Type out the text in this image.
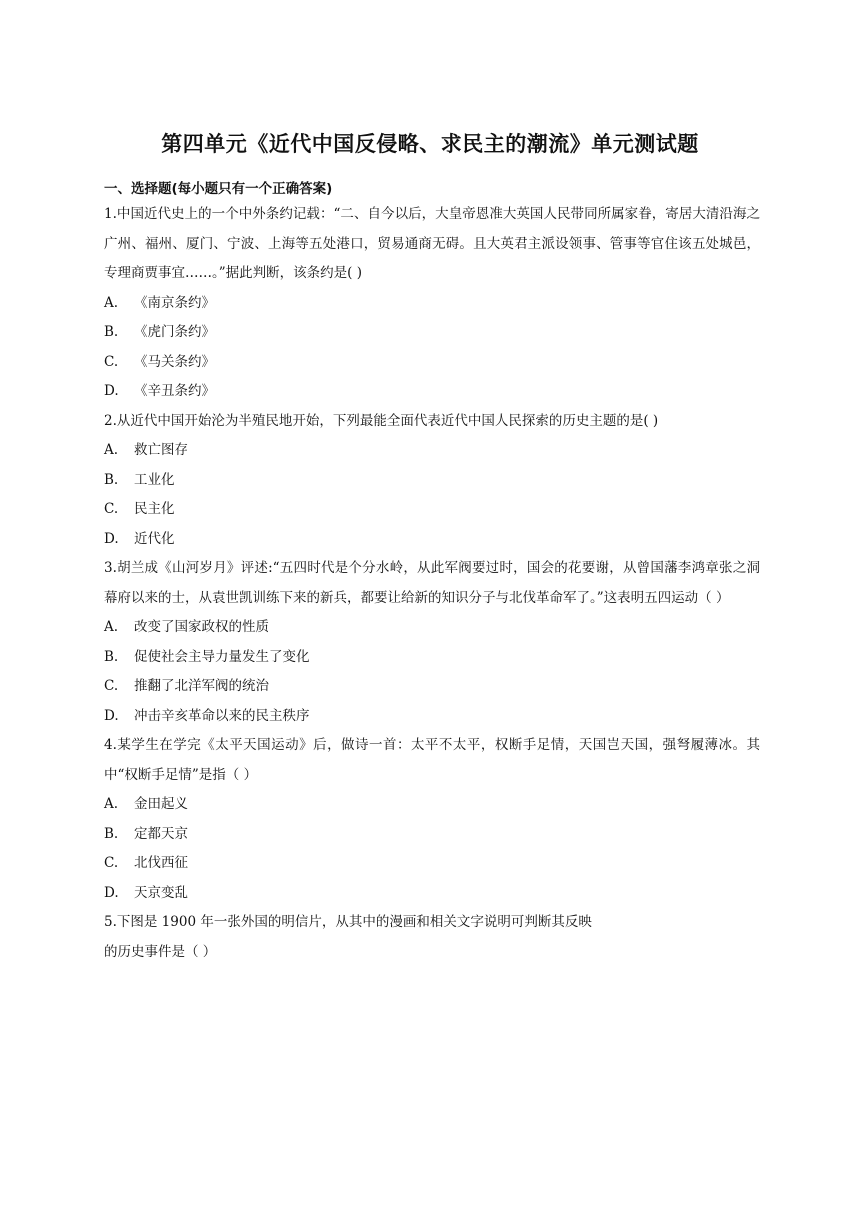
第四单元《近代中国反侵略、求民主的潮流》单元测试题
一、选择题(每小题只有一个正确答案)

1.中国近代史上的一个中外条约记载：“二、自今以后，大皇帝恩准大英国人民带同所属家眷，寄居大清沿海之广州、福州、厦门、宁波、上海等五处港口，贸易通商无碍。且大英君主派设领事、管事等官住该五处城邑，专理商贾事宜……。”据此判断，该条约是( )

A. 《南京条约》

B. 《虎门条约》

C. 《马关条约》

D. 《辛丑条约》

2.从近代中国开始沦为半殖民地开始，下列最能全面代表近代中国人民探索的历史主题的是( )

A. 救亡图存

B. 工业化

C. 民主化

D. 近代化

3.胡兰成《山河岁月》评述:“五四时代是个分水岭，从此军阀要过时，国会的花要谢，从曾国藩李鸿章张之洞幕府以来的士，从袁世凯训练下来的新兵，都要让给新的知识分子与北伐革命军了。”这表明五四运动（ ）

A. 改变了国家政权的性质

B. 促使社会主导力量发生了变化

C. 推翻了北洋军阀的统治

D. 冲击辛亥革命以来的民主秩序

4.某学生在学完《太平天国运动》后，做诗一首：太平不太平，权断手足情，天国岂天国，强弩履薄冰。其中“权断手足情”是指（ ）

A. 金田起义

B. 定都天京

C. 北伐西征

D. 天京变乱

5.下图是 1900 年一张外国的明信片，从其中的漫画和相关文字说明可判断其反映

的历史事件是（ ）
